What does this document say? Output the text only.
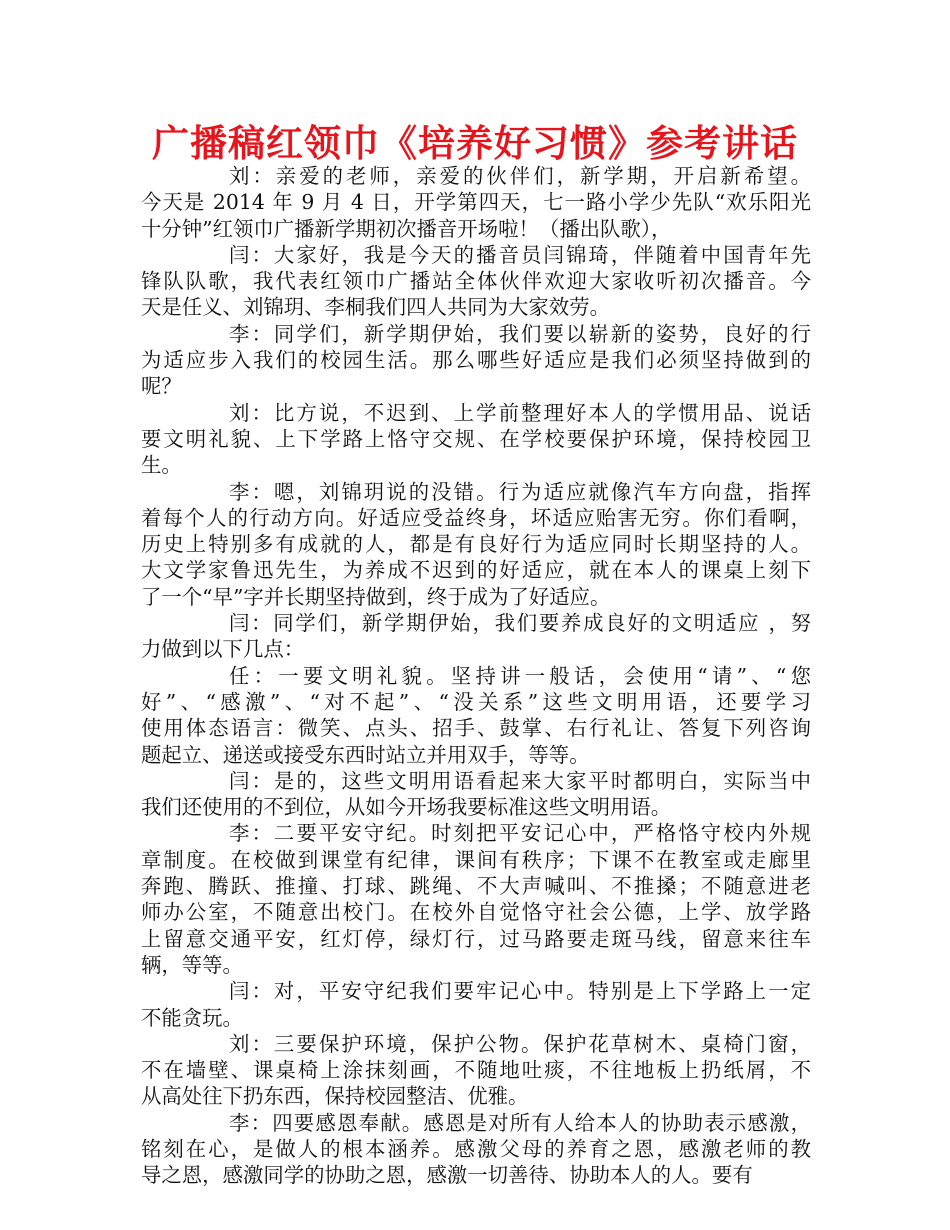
广播稿红领巾《培养好习惯》参考讲话
刘：亲爱的老师，亲爱的伙伴们，新学期，开启新希望。
今天是 2014 年 9 月 4 日，开学第四天，七一路小学少先队“欢乐阳光
十分钟”红领巾广播新学期初次播音开场啦！（播出队歌），
闫：大家好，我是今天的播音员闫锦琦，伴随着中国青年先
锋队队歌，我代表红领巾广播站全体伙伴欢迎大家收听初次播音。今
天是任义、刘锦玥、李桐我们四人共同为大家效劳。
李：同学们，新学期伊始，我们要以崭新的姿势，良好的行
为适应步入我们的校园生活。那么哪些好适应是我们必须坚持做到的
呢？
刘：比方说，不迟到、上学前整理好本人的学惯用品、说话
要文明礼貌、上下学路上恪守交规、在学校要保护环境，保持校园卫
生。
李：嗯，刘锦玥说的没错。行为适应就像汽车方向盘，指挥
着每个人的行动方向。好适应受益终身，坏适应贻害无穷。你们看啊，
历史上特别多有成就的人，都是有良好行为适应同时长期坚持的人。
大文学家鲁迅先生，为养成不迟到的好适应，就在本人的课桌上刻下
了一个“早”字并长期坚持做到，终于成为了好适应。
闫：同学们，新学期伊始，我们要养成良好的文明适应 ，努
力做到以下几点：
任：一要文明礼貌。坚持讲一般话，会使用“请”、“您
好”、“感激”、“对不起”、“没关系”这些文明用语，还要学习
使用体态语言：微笑、点头、招手、鼓掌、右行礼让、答复下列咨询
题起立、递送或接受东西时站立并用双手，等等。
闫：是的，这些文明用语看起来大家平时都明白，实际当中
我们还使用的不到位，从如今开场我要标准这些文明用语。
李：二要平安守纪。时刻把平安记心中，严格恪守校内外规
章制度。在校做到课堂有纪律，课间有秩序；下课不在教室或走廊里
奔跑、腾跃、推撞、打球、跳绳、不大声喊叫、不推搡；不随意进老
师办公室，不随意出校门。在校外自觉恪守社会公德，上学、放学路
上留意交通平安，红灯停，绿灯行，过马路要走斑马线，留意来往车
辆，等等。
闫：对，平安守纪我们要牢记心中。特别是上下学路上一定
不能贪玩。
刘：三要保护环境，保护公物。保护花草树木、桌椅门窗，
不在墙壁、课桌椅上涂抹刻画，不随地吐痰，不往地板上扔纸屑，不
从高处往下扔东西，保持校园整洁、优雅。
李：四要感恩奉献。感恩是对所有人给本人的协助表示感激，
铭刻在心，是做人的根本涵养。感激父母的养育之恩，感激老师的教
导之恩，感激同学的协助之恩，感激一切善待、协助本人的人。要有
